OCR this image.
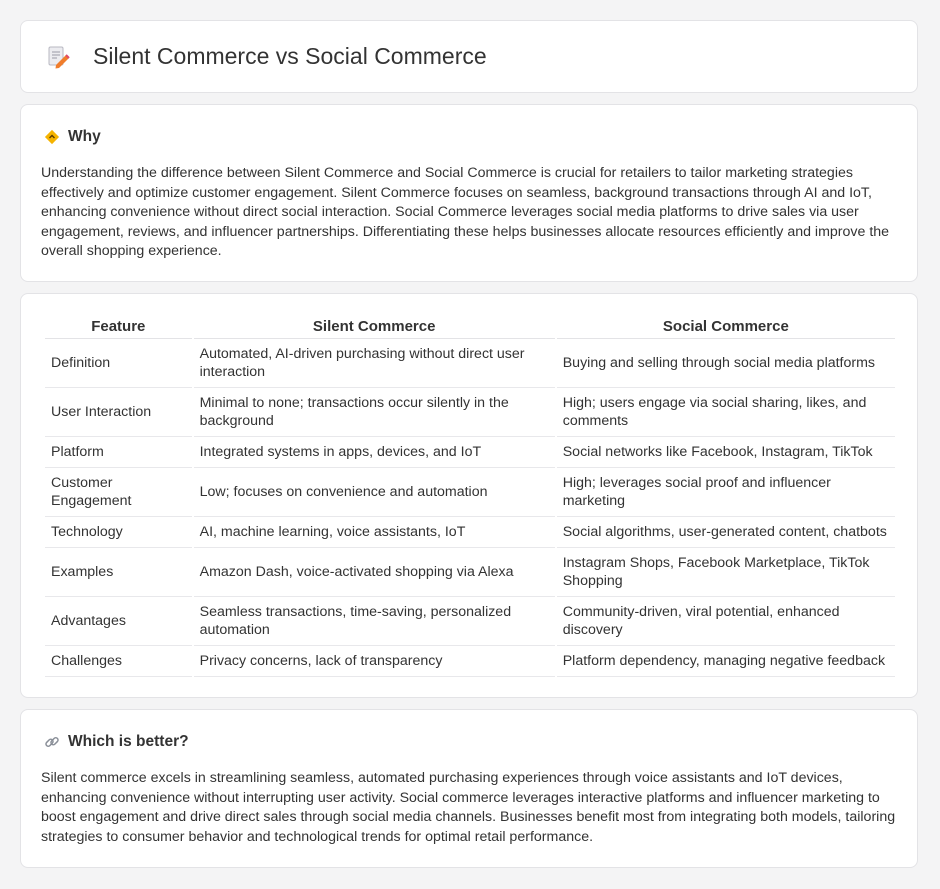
Silent Commerce vs Social Commerce
Why
Understanding the difference between Silent Commerce and Social Commerce is crucial for retailers to tailor marketing strategies effectively and optimize customer engagement. Silent Commerce focuses on seamless, background transactions through AI and IoT, enhancing convenience without direct social interaction. Social Commerce leverages social media platforms to drive sales via user engagement, reviews, and influencer partnerships. Differentiating these helps businesses allocate resources efficiently and improve the overall shopping experience.
Feature	Silent Commerce	Social Commerce
Definition	Automated, AI-driven purchasing without direct user interaction	Buying and selling through social media platforms
User Interaction	Minimal to none; transactions occur silently in the background	High; users engage via social sharing, likes, and comments
Platform	Integrated systems in apps, devices, and IoT	Social networks like Facebook, Instagram, TikTok
Customer Engagement	Low; focuses on convenience and automation	High; leverages social proof and influencer marketing
Technology	AI, machine learning, voice assistants, IoT	Social algorithms, user-generated content, chatbots
Examples	Amazon Dash, voice-activated shopping via Alexa	Instagram Shops, Facebook Marketplace, TikTok Shopping
Advantages	Seamless transactions, time-saving, personalized automation	Community-driven, viral potential, enhanced discovery
Challenges	Privacy concerns, lack of transparency	Platform dependency, managing negative feedback
Which is better?
Silent commerce excels in streamlining seamless, automated purchasing experiences through voice assistants and IoT devices, enhancing convenience without interrupting user activity. Social commerce leverages interactive platforms and influencer marketing to boost engagement and drive direct sales through social media channels. Businesses benefit most from integrating both models, tailoring strategies to consumer behavior and technological trends for optimal retail performance.
